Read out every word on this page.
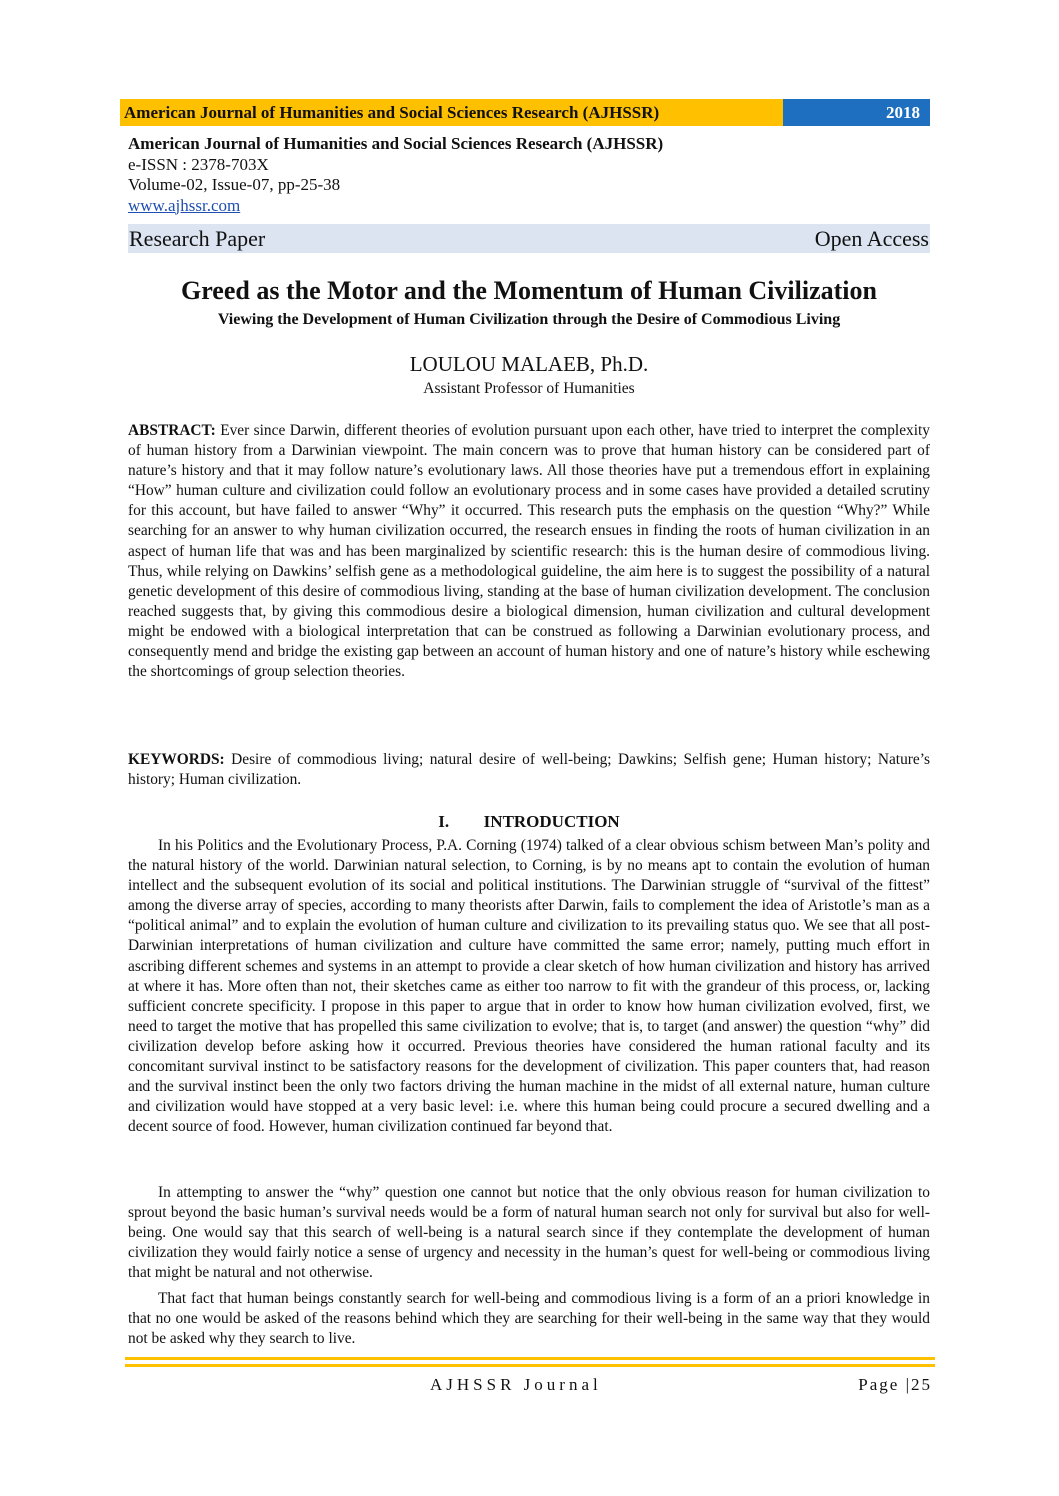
American Journal of Humanities and Social Sciences Research (AJHSSR)	2018
American Journal of Humanities and Social Sciences Research (AJHSSR)
e-ISSN : 2378-703X
Volume-02, Issue-07, pp-25-38
www.ajhssr.com
Research Paper	Open Access
Greed as the Motor and the Momentum of Human Civilization
Viewing the Development of Human Civilization through the Desire of Commodious Living
LOULOU MALAEB, Ph.D.
Assistant Professor of Humanities
ABSTRACT: Ever since Darwin, different theories of evolution pursuant upon each other, have tried to interpret the complexity of human history from a Darwinian viewpoint. The main concern was to prove that human history can be considered part of nature’s history and that it may follow nature’s evolutionary laws. All those theories have put a tremendous effort in explaining “How” human culture and civilization could follow an evolutionary process and in some cases have provided a detailed scrutiny for this account, but have failed to answer “Why” it occurred. This research puts the emphasis on the question “Why?” While searching for an answer to why human civilization occurred, the research ensues in finding the roots of human civilization in an aspect of human life that was and has been marginalized by scientific research: this is the human desire of commodious living. Thus, while relying on Dawkins’ selfish gene as a methodological guideline, the aim here is to suggest the possibility of a natural genetic development of this desire of commodious living, standing at the base of human civilization development. The conclusion reached suggests that, by giving this commodious desire a biological dimension, human civilization and cultural development might be endowed with a biological interpretation that can be construed as following a Darwinian evolutionary process, and consequently mend and bridge the existing gap between an account of human history and one of nature’s history while eschewing the shortcomings of group selection theories.
KEYWORDS: Desire of commodious living; natural desire of well-being; Dawkins; Selfish gene; Human history; Nature’s history; Human civilization.
I. INTRODUCTION
In his Politics and the Evolutionary Process, P.A. Corning (1974) talked of a clear obvious schism between Man’s polity and the natural history of the world. Darwinian natural selection, to Corning, is by no means apt to contain the evolution of human intellect and the subsequent evolution of its social and political institutions. The Darwinian struggle of “survival of the fittest” among the diverse array of species, according to many theorists after Darwin, fails to complement the idea of Aristotle’s man as a “political animal” and to explain the evolution of human culture and civilization to its prevailing status quo. We see that all post-Darwinian interpretations of human civilization and culture have committed the same error; namely, putting much effort in ascribing different schemes and systems in an attempt to provide a clear sketch of how human civilization and history has arrived at where it has. More often than not, their sketches came as either too narrow to fit with the grandeur of this process, or, lacking sufficient concrete specificity. I propose in this paper to argue that in order to know how human civilization evolved, first, we need to target the motive that has propelled this same civilization to evolve; that is, to target (and answer) the question “why” did civilization develop before asking how it occurred. Previous theories have considered the human rational faculty and its concomitant survival instinct to be satisfactory reasons for the development of civilization. This paper counters that, had reason and the survival instinct been the only two factors driving the human machine in the midst of all external nature, human culture and civilization would have stopped at a very basic level: i.e. where this human being could procure a secured dwelling and a decent source of food. However, human civilization continued far beyond that.
In attempting to answer the “why” question one cannot but notice that the only obvious reason for human civilization to sprout beyond the basic human’s survival needs would be a form of natural human search not only for survival but also for well-being. One would say that this search of well-being is a natural search since if they contemplate the development of human civilization they would fairly notice a sense of urgency and necessity in the human’s quest for well-being or commodious living that might be natural and not otherwise.
That fact that human beings constantly search for well-being and commodious living is a form of an a priori knowledge in that no one would be asked of the reasons behind which they are searching for their well-being in the same way that they would not be asked why they search to live.
AJHSSR Journal	Page |25
